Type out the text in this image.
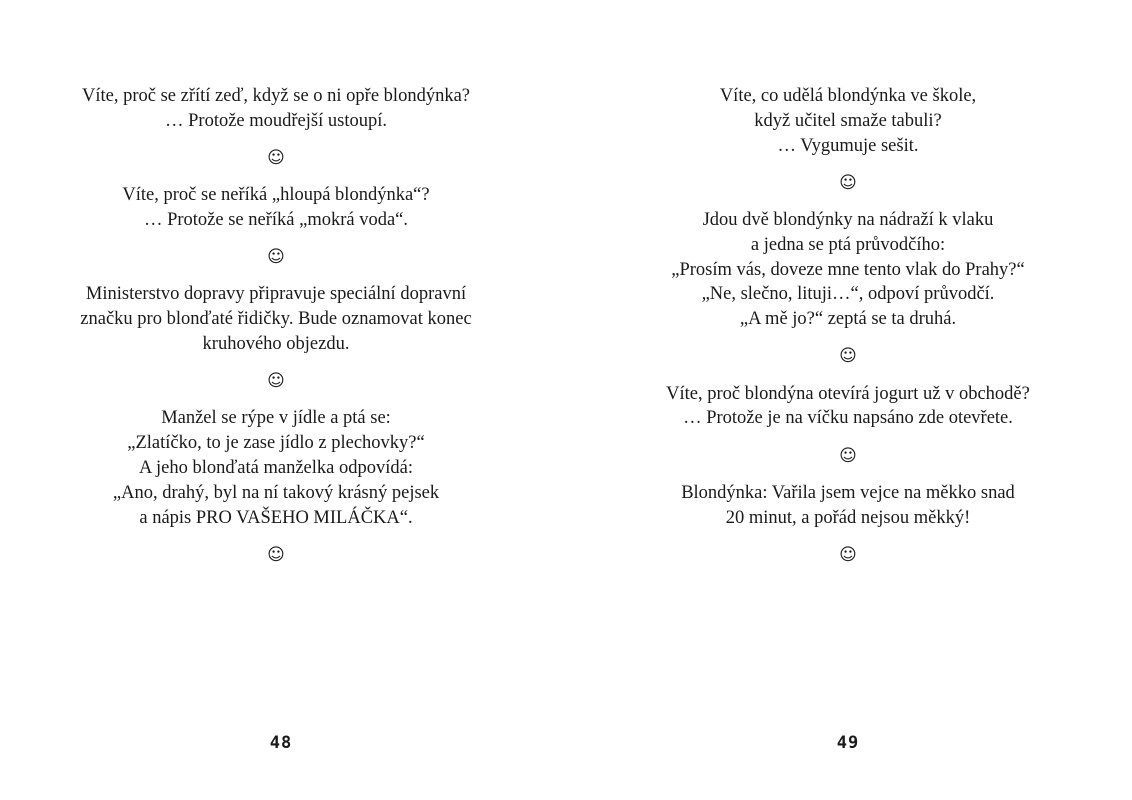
Víte, proč se zřítí zeď, když se o ni opře blondýnka?
… Protože moudřejší ustoupí.
☺
Víte, proč se neříká „hloupá blondýnka“?
… Protože se neříká „mokrá voda“.
☺
Ministerstvo dopravy připravuje speciální dopravní
značku pro blonďaté řidičky. Bude oznamovat konec
kruhového objezdu.
☺
Manžel se rýpe v jídle a ptá se:
„Zlatíčko, to je zase jídlo z plechovky?“
A jeho blonďatá manželka odpovídá:
„Ano, drahý, byl na ní takový krásný pejsek
a nápis PRO VAŠEHO MILÁČKA“.
☺
48
Víte, co udělá blondýnka ve škole,
když učitel smaže tabuli?
… Vygumuje sešit.
☺
Jdou dvě blondýnky na nádraží k vlaku
a jedna se ptá průvodčího:
„Prosím vás, doveze mne tento vlak do Prahy?“
„Ne, slečno, lituji…“, odpoví průvodčí.
„A mě jo?“ zeptá se ta druhá.
☺
Víte, proč blondýna otevírá jogurt už v obchodě?
… Protože je na víčku napsáno zde otevřete.
☺
Blondýnka: Vařila jsem vejce na měkko snad
20 minut, a pořád nejsou měkký!
☺
49
